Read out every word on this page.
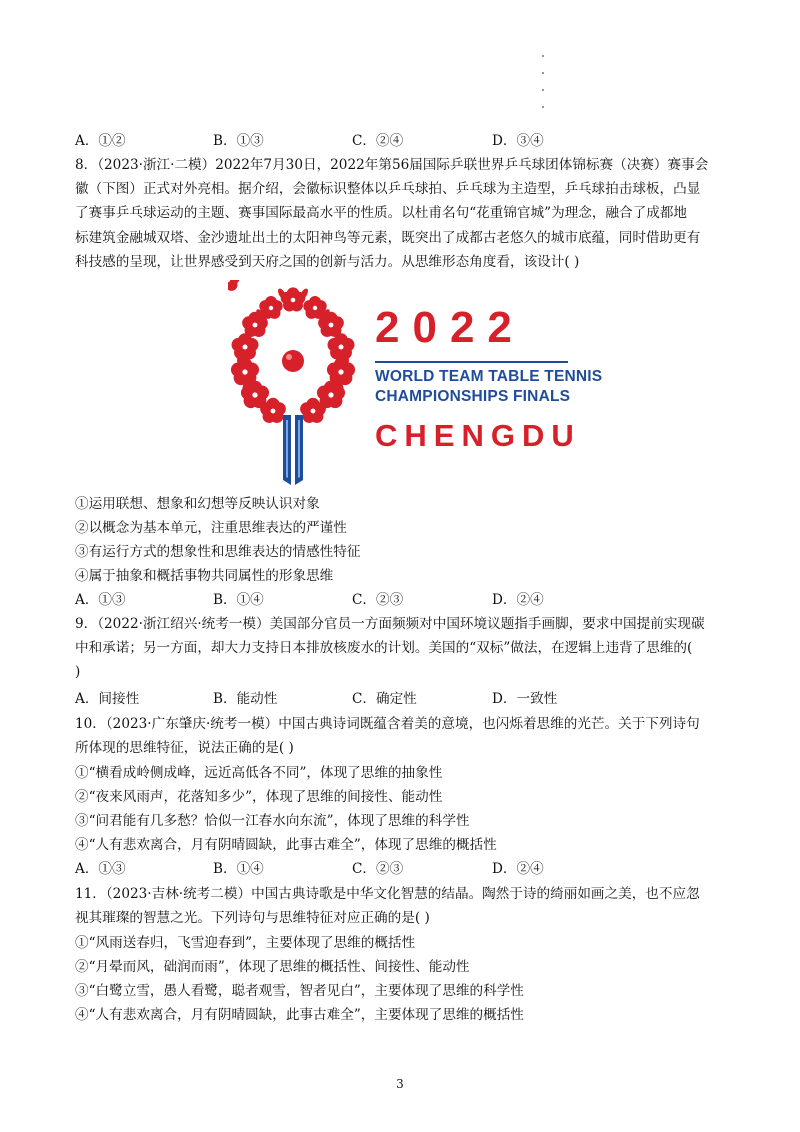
A．①②	B．①③	C．②④	D．③④
8．（2023·浙江·二模）2022年7月30日，2022年第56届国际乒联世界乒乓球团体锦标赛（决赛）赛事会
徽（下图）正式对外亮相。据介绍，会徽标识整体以乒乓球拍、乒乓球为主造型，乒乓球拍击球板，凸显
了赛事乒乓球运动的主题、赛事国际最高水平的性质。以杜甫名句“花重锦官城”为理念，融合了成都地
标建筑金融城双塔、金沙遗址出土的太阳神鸟等元素，既突出了成都古老悠久的城市底蕴，同时借助更有
科技感的呈现，让世界感受到天府之国的创新与活力。从思维形态角度看，该设计( )
2022
WORLD TEAM TABLE TENNIS
CHAMPIONSHIPS FINALS
CHENGDU
①运用联想、想象和幻想等反映认识对象
②以概念为基本单元，注重思维表达的严谨性
③有运行方式的想象性和思维表达的情感性特征
④属于抽象和概括事物共同属性的形象思维
A．①③	B．①④	C．②③	D．②④
9．（2022·浙江绍兴·统考一模）美国部分官员一方面频频对中国环境议题指手画脚，要求中国提前实现碳
中和承诺；另一方面，却大力支持日本排放核废水的计划。美国的“双标”做法，在逻辑上违背了思维的(
)
A．间接性	B．能动性	C．确定性	D．一致性
10．（2023·广东肇庆·统考一模）中国古典诗词既蕴含着美的意境，也闪烁着思维的光芒。关于下列诗句
所体现的思维特征，说法正确的是( )
①“横看成岭侧成峰，远近高低各不同”，体现了思维的抽象性
②“夜来风雨声，花落知多少”，体现了思维的间接性、能动性
③“问君能有几多愁？恰似一江春水向东流”，体现了思维的科学性
④“人有悲欢离合，月有阴晴圆缺，此事古难全”，体现了思维的概括性
A．①③	B．①④	C．②③	D．②④
11．（2023·吉林·统考二模）中国古典诗歌是中华文化智慧的结晶。陶然于诗的绮丽如画之美，也不应忽
视其璀璨的智慧之光。下列诗句与思维特征对应正确的是( )
①“风雨送春归，飞雪迎春到”，主要体现了思维的概括性
②“月晕而风，础润而雨”，体现了思维的概括性、间接性、能动性
③“白鹭立雪，愚人看鹭，聪者观雪，智者见白”，主要体现了思维的科学性
④“人有悲欢离合，月有阴晴圆缺，此事古难全”，主要体现了思维的概括性
3
